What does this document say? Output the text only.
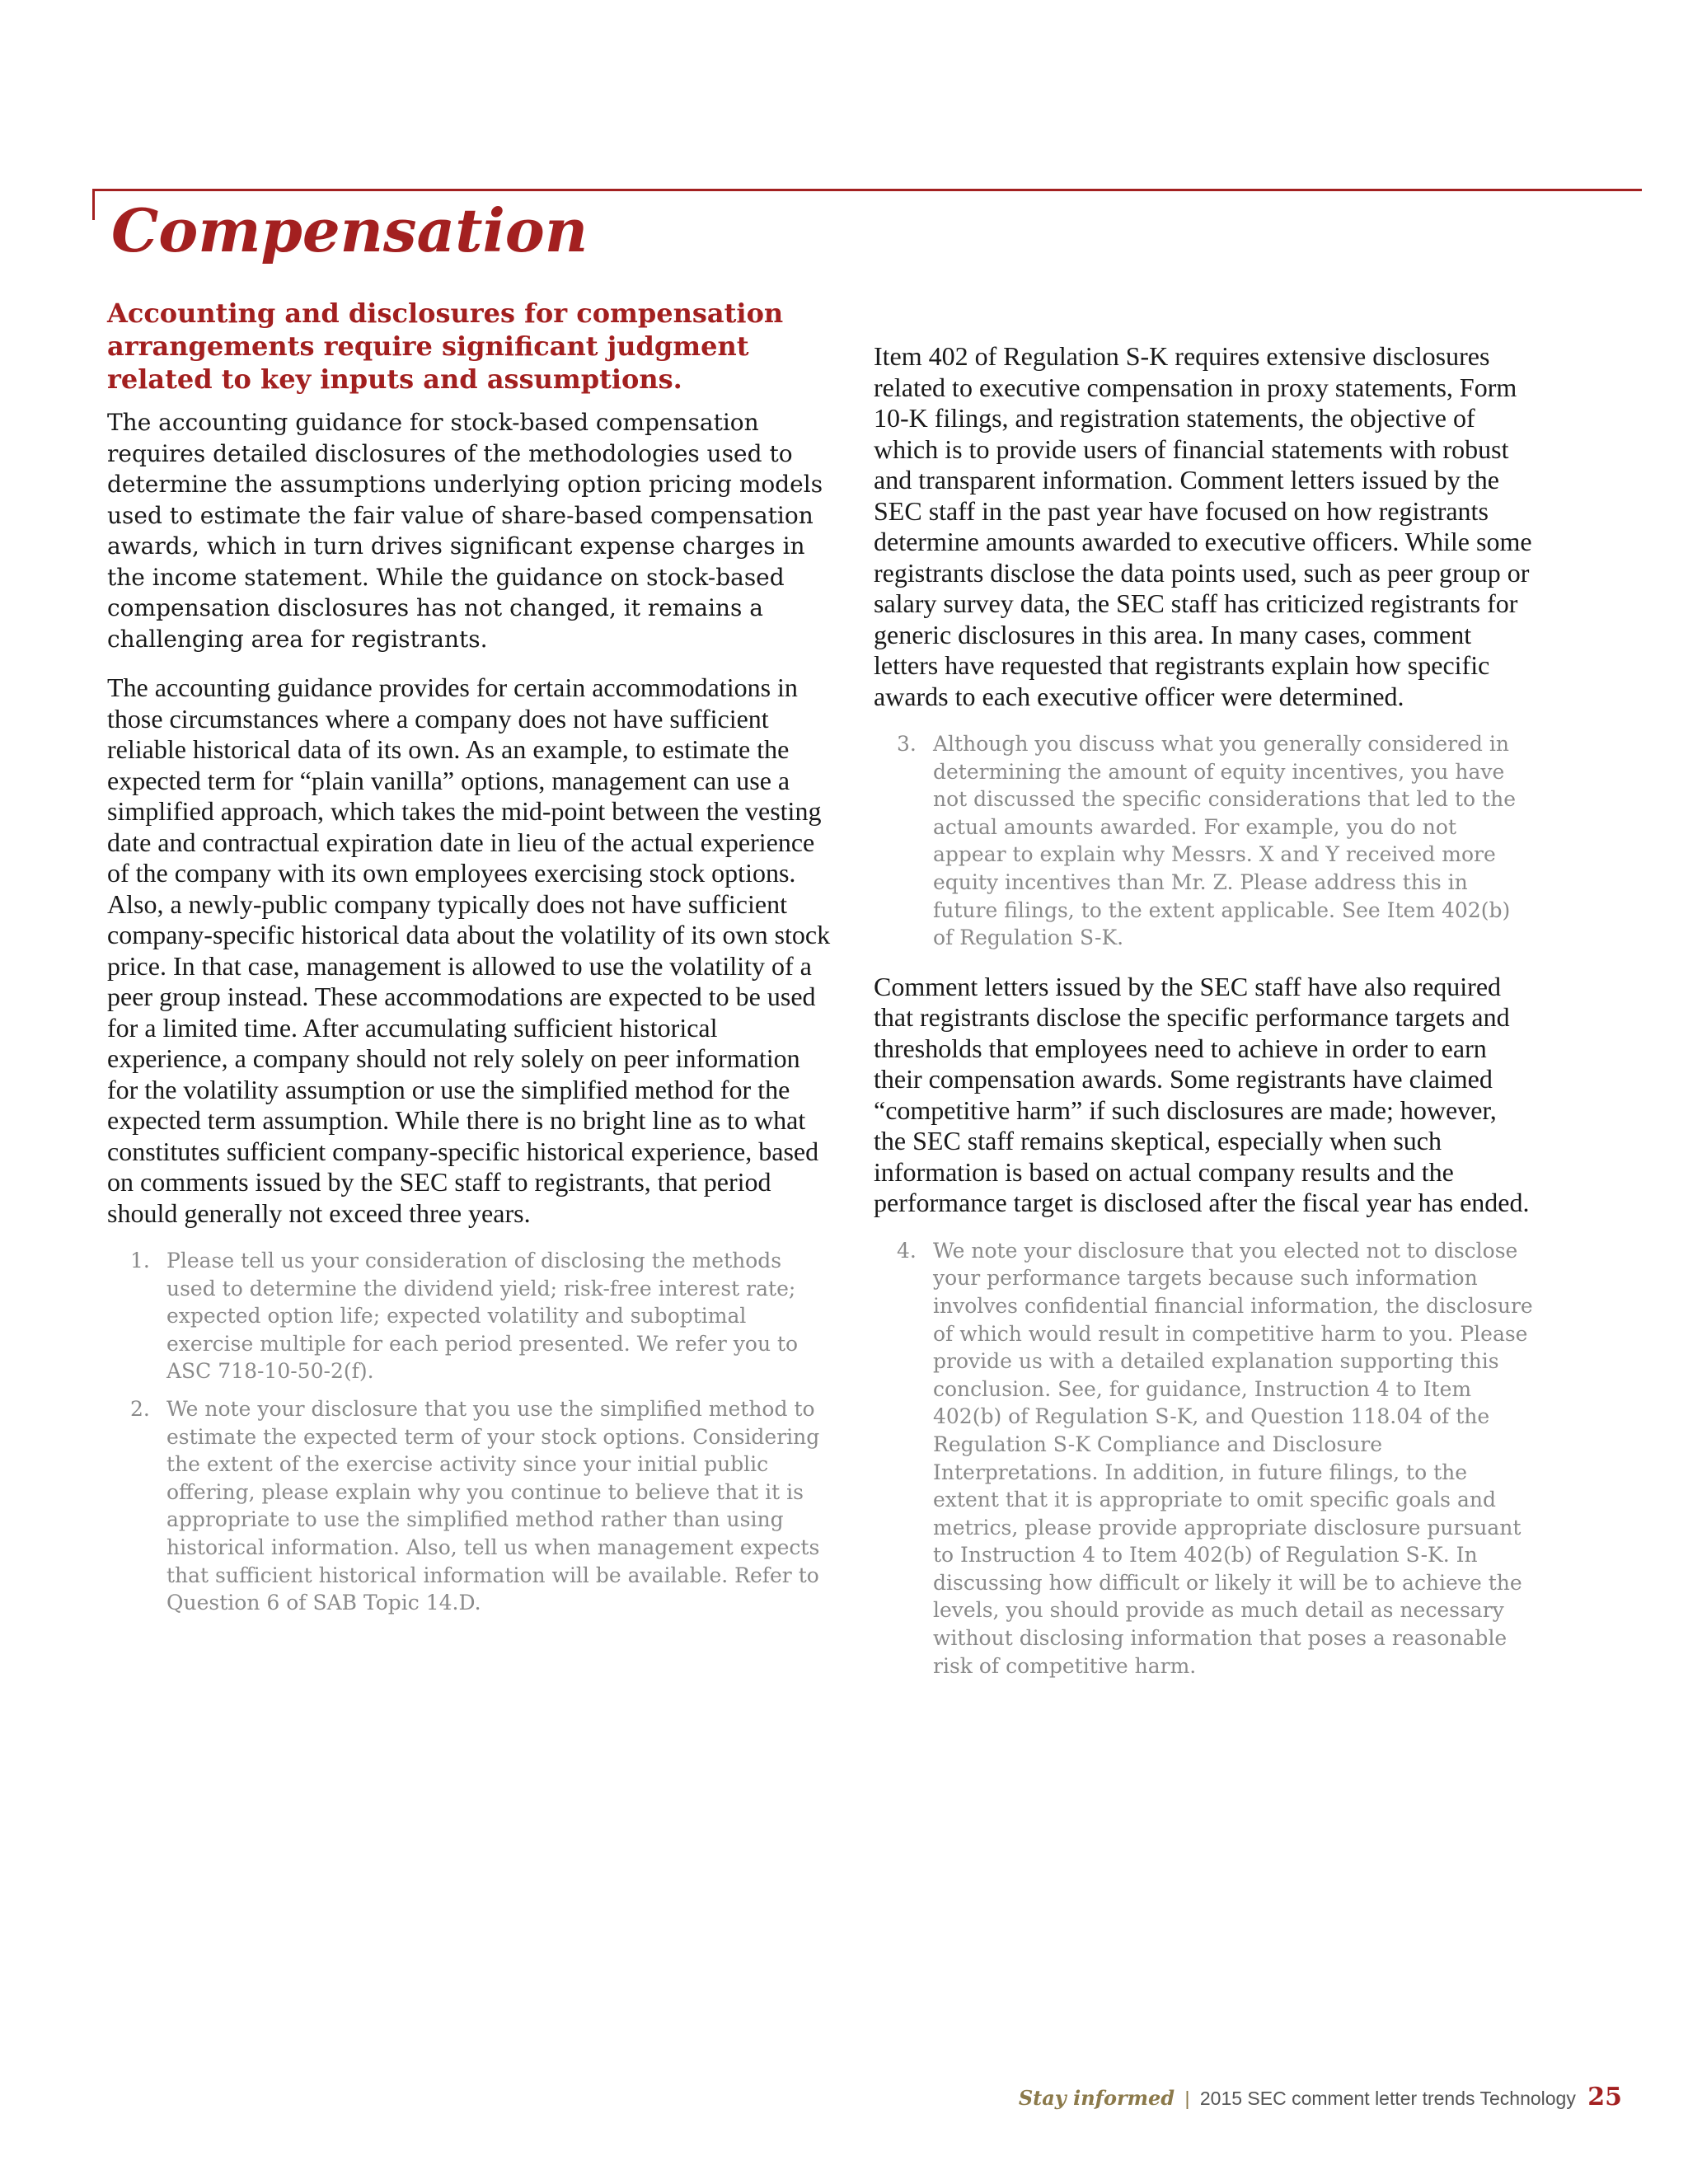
Compensation
Accounting and disclosures for compensation arrangements require significant judgment related to key inputs and assumptions.

The accounting guidance for stock-based compensation requires detailed disclosures of the methodologies used to determine the assumptions underlying option pricing models used to estimate the fair value of share-based compensation awards, which in turn drives significant expense charges in the income statement. While the guidance on stock-based compensation disclosures has not changed, it remains a challenging area for registrants.

The accounting guidance provides for certain accommodations in those circumstances where a company does not have sufficient reliable historical data of its own. As an example, to estimate the expected term for “plain vanilla” options, management can use a simplified approach, which takes the mid-point between the vesting date and contractual expiration date in lieu of the actual experience of the company with its own employees exercising stock options. Also, a newly-public company typically does not have sufficient company-specific historical data about the volatility of its own stock price. In that case, management is allowed to use the volatility of a peer group instead. These accommodations are expected to be used for a limited time. After accumulating sufficient historical experience, a company should not rely solely on peer information for the volatility assumption or use the simplified method for the expected term assumption. While there is no bright line as to what constitutes sufficient company-specific historical experience, based on comments issued by the SEC staff to registrants, that period should generally not exceed three years.

1. Please tell us your consideration of disclosing the methods used to determine the dividend yield; risk-free interest rate; expected option life; expected volatility and suboptimal exercise multiple for each period presented. We refer you to ASC 718-10-50-2(f).
2. We note your disclosure that you use the simplified method to estimate the expected term of your stock options. Considering the extent of the exercise activity since your initial public offering, please explain why you continue to believe that it is appropriate to use the simplified method rather than using historical information. Also, tell us when management expects that sufficient historical information will be available. Refer to Question 6 of SAB Topic 14.D.

Item 402 of Regulation S-K requires extensive disclosures related to executive compensation in proxy statements, Form 10-K filings, and registration statements, the objective of which is to provide users of financial statements with robust and transparent information. Comment letters issued by the SEC staff in the past year have focused on how registrants determine amounts awarded to executive officers. While some registrants disclose the data points used, such as peer group or salary survey data, the SEC staff has criticized registrants for generic disclosures in this area. In many cases, comment letters have requested that registrants explain how specific awards to each executive officer were determined.

3. Although you discuss what you generally considered in determining the amount of equity incentives, you have not discussed the specific considerations that led to the actual amounts awarded. For example, you do not appear to explain why Messrs. X and Y received more equity incentives than Mr. Z. Please address this in future filings, to the extent applicable. See Item 402(b) of Regulation S-K.

Comment letters issued by the SEC staff have also required that registrants disclose the specific performance targets and thresholds that employees need to achieve in order to earn their compensation awards. Some registrants have claimed “competitive harm” if such disclosures are made; however, the SEC staff remains skeptical, especially when such information is based on actual company results and the performance target is disclosed after the fiscal year has ended.

4. We note your disclosure that you elected not to disclose your performance targets because such information involves confidential financial information, the disclosure of which would result in competitive harm to you. Please provide us with a detailed explanation supporting this conclusion. See, for guidance, Instruction 4 to Item 402(b) of Regulation S-K, and Question 118.04 of the Regulation S-K Compliance and Disclosure Interpretations. In addition, in future filings, to the extent that it is appropriate to omit specific goals and metrics, please provide appropriate disclosure pursuant to Instruction 4 to Item 402(b) of Regulation S-K. In discussing how difficult or likely it will be to achieve the levels, you should provide as much detail as necessary without disclosing information that poses a reasonable risk of competitive harm.
Stay informed | 2015 SEC comment letter trends Technology 25
